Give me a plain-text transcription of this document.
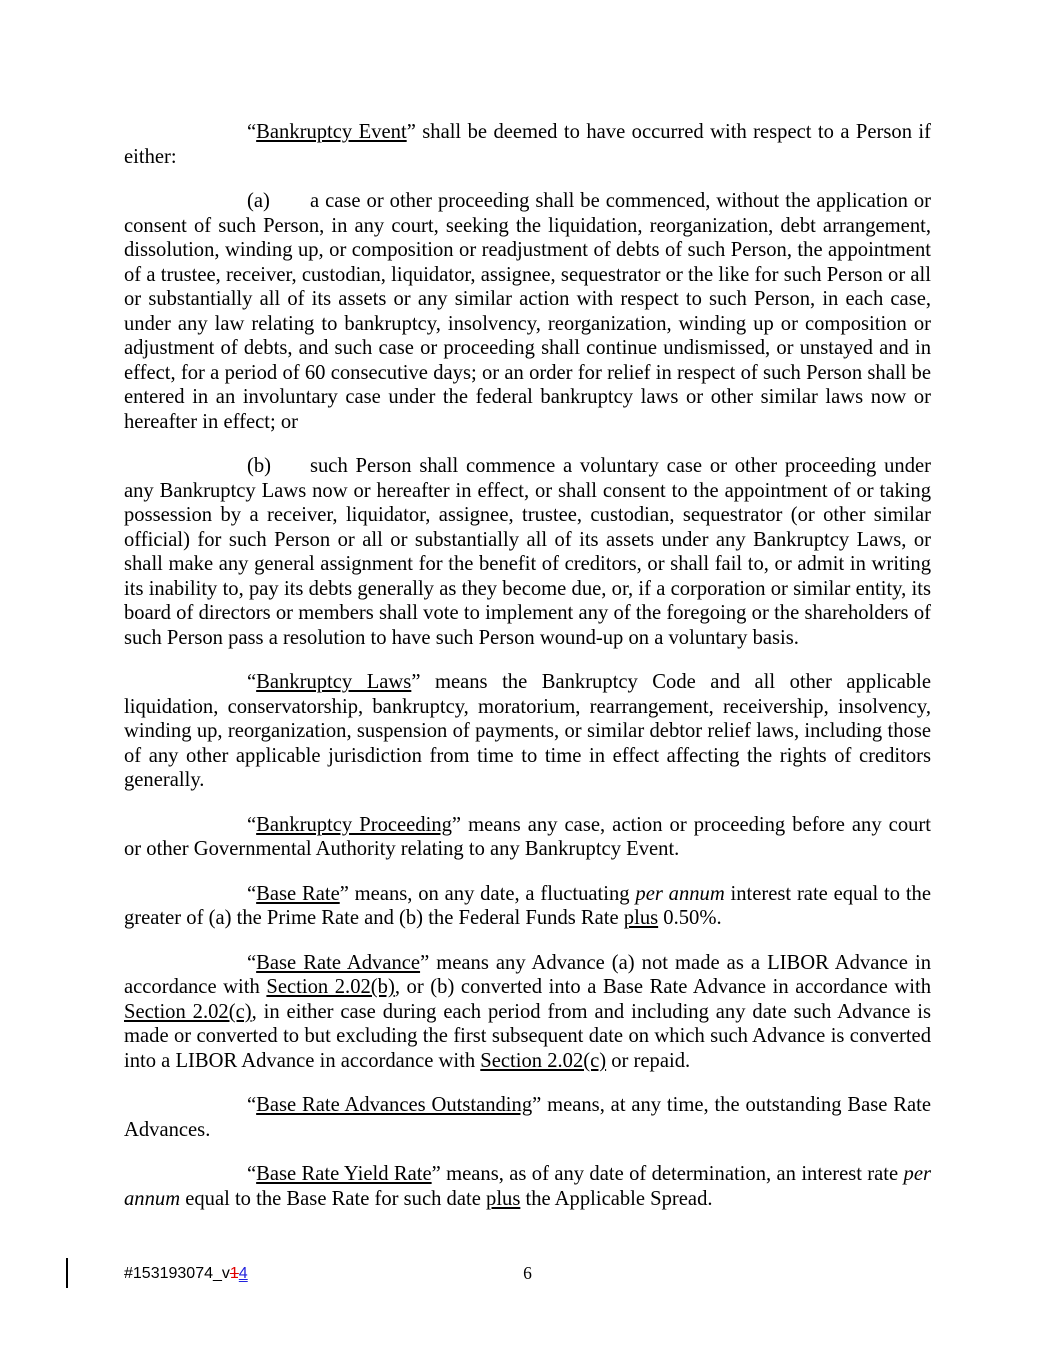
“Bankruptcy Event” shall be deemed to have occurred with respect to a Person if either:

(a) a case or other proceeding shall be commenced, without the application or consent of such Person, in any court, seeking the liquidation, reorganization, debt arrangement, dissolution, winding up, or composition or readjustment of debts of such Person, the appointment of a trustee, receiver, custodian, liquidator, assignee, sequestrator or the like for such Person or all or substantially all of its assets or any similar action with respect to such Person, in each case, under any law relating to bankruptcy, insolvency, reorganization, winding up or composition or adjustment of debts, and such case or proceeding shall continue undismissed, or unstayed and in effect, for a period of 60 consecutive days; or an order for relief in respect of such Person shall be entered in an involuntary case under the federal bankruptcy laws or other similar laws now or hereafter in effect; or

(b) such Person shall commence a voluntary case or other proceeding under any Bankruptcy Laws now or hereafter in effect, or shall consent to the appointment of or taking possession by a receiver, liquidator, assignee, trustee, custodian, sequestrator (or other similar official) for such Person or all or substantially all of its assets under any Bankruptcy Laws, or shall make any general assignment for the benefit of creditors, or shall fail to, or admit in writing its inability to, pay its debts generally as they become due, or, if a corporation or similar entity, its board of directors or members shall vote to implement any of the foregoing or the shareholders of such Person pass a resolution to have such Person wound-up on a voluntary basis.

“Bankruptcy Laws” means the Bankruptcy Code and all other applicable liquidation, conservatorship, bankruptcy, moratorium, rearrangement, receivership, insolvency, winding up, reorganization, suspension of payments, or similar debtor relief laws, including those of any other applicable jurisdiction from time to time in effect affecting the rights of creditors generally.

“Bankruptcy Proceeding” means any case, action or proceeding before any court or other Governmental Authority relating to any Bankruptcy Event.

“Base Rate” means, on any date, a fluctuating per annum interest rate equal to the greater of (a) the Prime Rate and (b) the Federal Funds Rate plus 0.50%.

“Base Rate Advance” means any Advance (a) not made as a LIBOR Advance in accordance with Section 2.02(b), or (b) converted into a Base Rate Advance in accordance with Section 2.02(c), in either case during each period from and including any date such Advance is made or converted to but excluding the first subsequent date on which such Advance is converted into a LIBOR Advance in accordance with Section 2.02(c) or repaid.

“Base Rate Advances Outstanding” means, at any time, the outstanding Base Rate Advances.

“Base Rate Yield Rate” means, as of any date of determination, an interest rate per annum equal to the Base Rate for such date plus the Applicable Spread.

#153193074_v14	6
